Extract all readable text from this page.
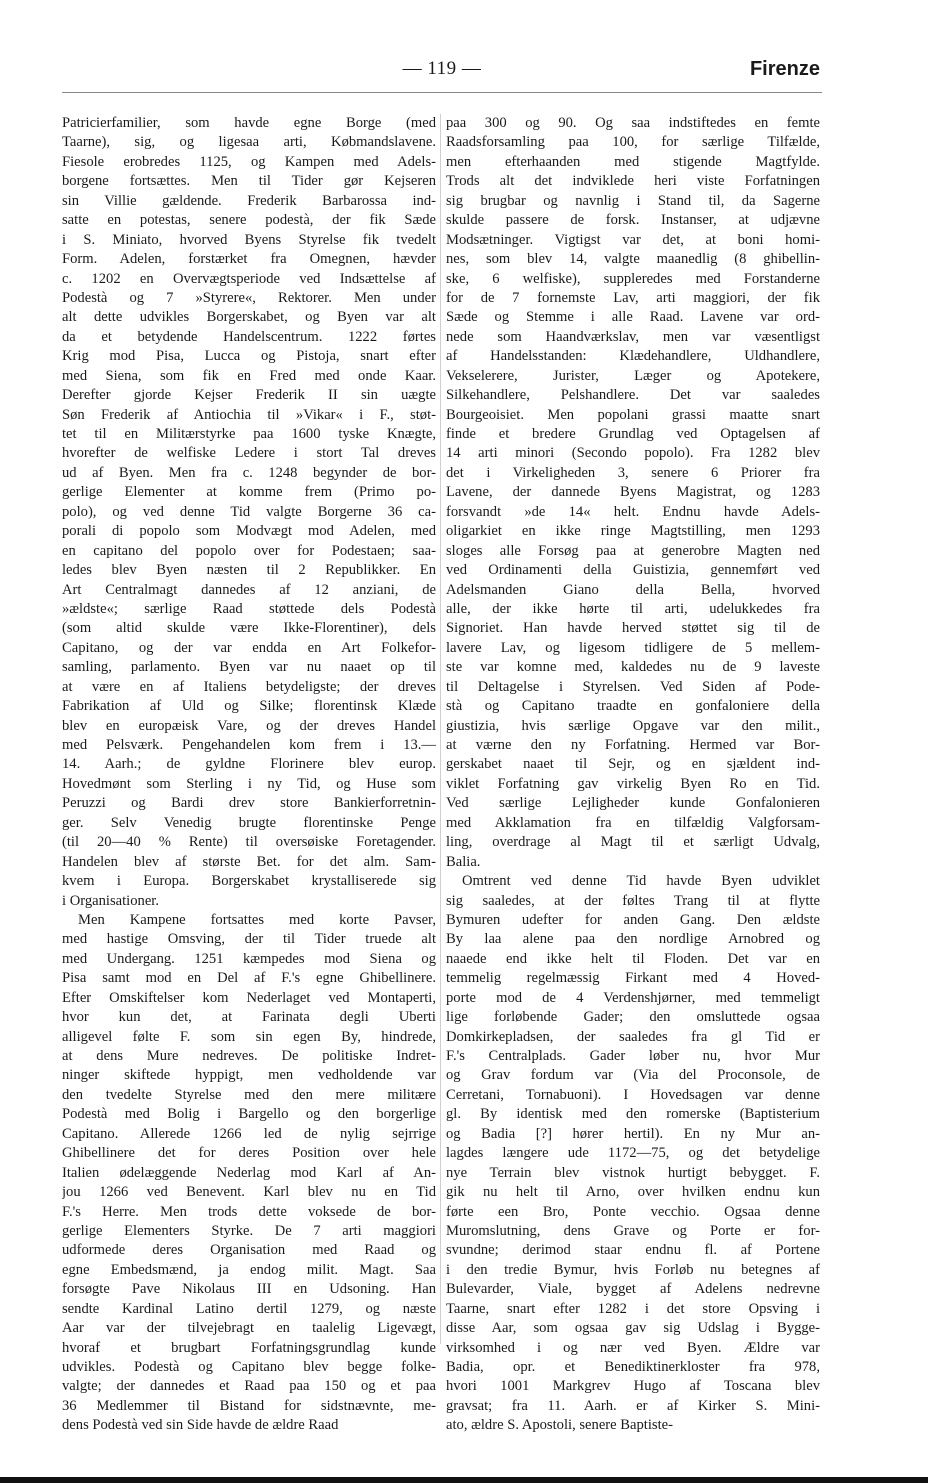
— 119 —	Firenze
Patricierfamilier, som havde egne Borge (med
Taarne), sig, og ligesaa arti, Købmandslavene.
Fiesole erobredes 1125, og Kampen med Adels-
borgene fortsættes. Men til Tider gør Kejseren
sin Villie gældende. Frederik Barbarossa ind-
satte en potestas, senere podestà, der fik Sæde
i S. Miniato, hvorved Byens Styrelse fik tvedelt
Form. Adelen, forstærket fra Omegnen, hævder
c. 1202 en Overvægtsperiode ved Indsættelse af
Podestà og 7 »Styrere«, Rektorer. Men under
alt dette udvikles Borgerskabet, og Byen var alt
da et betydende Handelscentrum. 1222 førtes
Krig mod Pisa, Lucca og Pistoja, snart efter
med Siena, som fik en Fred med onde Kaar.
Derefter gjorde Kejser Frederik II sin uægte
Søn Frederik af Antiochia til »Vikar« i F., støt-
tet til en Militærstyrke paa 1600 tyske Knægte,
hvorefter de welfiske Ledere i stort Tal dreves
ud af Byen. Men fra c. 1248 begynder de bor-
gerlige Elementer at komme frem (Primo po-
polo), og ved denne Tid valgte Borgerne 36 ca-
porali di popolo som Modvægt mod Adelen, med
en capitano del popolo over for Podestaen; saa-
ledes blev Byen næsten til 2 Republikker. En
Art Centralmagt dannedes af 12 anziani, de
»ældste«; særlige Raad støttede dels Podestà
(som altid skulde være Ikke-Florentiner), dels
Capitano, og der var endda en Art Folkefor-
samling, parlamento. Byen var nu naaet op til
at være en af Italiens betydeligste; der dreves
Fabrikation af Uld og Silke; florentinsk Klæde
blev en europæisk Vare, og der dreves Handel
med Pelsværk. Pengehandelen kom frem i 13.—
14. Aarh.; de gyldne Florinere blev europ.
Hovedmønt som Sterling i ny Tid, og Huse som
Peruzzi og Bardi drev store Bankierforretnin-
ger. Selv Venedig brugte florentinske Penge
(til 20—40 % Rente) til oversøiske Foretagender.
Handelen blev af største Bet. for det alm. Sam-
kvem i Europa. Borgerskabet krystalliserede sig
i Organisationer.
Men Kampene fortsattes med korte Pavser,
med hastige Omsving, der til Tider truede alt
med Undergang. 1251 kæmpedes mod Siena og
Pisa samt mod en Del af F.'s egne Ghibellinere.
Efter Omskiftelser kom Nederlaget ved Montaperti,
hvor kun det, at Farinata degli Uberti
alligevel følte F. som sin egen By, hindrede,
at dens Mure nedreves. De politiske Indret-
ninger skiftede hyppigt, men vedholdende var
den tvedelte Styrelse med den mere militære
Podestà med Bolig i Bargello og den borgerlige
Capitano. Allerede 1266 led de nylig sejrrige
Ghibellinere det for deres Position over hele
Italien ødelæggende Nederlag mod Karl af An-
jou 1266 ved Benevent. Karl blev nu en Tid
F.'s Herre. Men trods dette voksede de bor-
gerlige Elementers Styrke. De 7 arti maggiori
udformede deres Organisation med Raad og
egne Embedsmænd, ja endog milit. Magt. Saa
forsøgte Pave Nikolaus III en Udsoning. Han
sendte Kardinal Latino dertil 1279, og næste
Aar var der tilvejebragt en taalelig Ligevægt,
hvoraf et brugbart Forfatningsgrundlag kunde
udvikles. Podestà og Capitano blev begge folke-
valgte; der dannedes et Raad paa 150 og et paa
36 Medlemmer til Bistand for sidstnævnte, me-
dens Podestà ved sin Side havde de ældre Raad
paa 300 og 90. Og saa indstiftedes en femte
Raadsforsamling paa 100, for særlige Tilfælde,
men efterhaanden med stigende Magtfylde.
Trods alt det indviklede heri viste Forfatningen
sig brugbar og navnlig i Stand til, da Sagerne
skulde passere de forsk. Instanser, at udjævne
Modsætninger. Vigtigst var det, at boni homi-
nes, som blev 14, valgte maanedlig (8 ghibellin-
ske, 6 welfiske), suppleredes med Forstanderne
for de 7 fornemste Lav, arti maggiori, der fik
Sæde og Stemme i alle Raad. Lavene var ord-
nede som Haandværkslav, men var væsentligst
af Handelsstanden: Klædehandlere, Uldhandlere,
Vekselerere, Jurister, Læger og Apotekere,
Silkehandlere, Pelshandlere. Det var saaledes
Bourgeoisiet. Men popolani grassi maatte snart
finde et bredere Grundlag ved Optagelsen af
14 arti minori (Secondo popolo). Fra 1282 blev
det i Virkeligheden 3, senere 6 Priorer fra
Lavene, der dannede Byens Magistrat, og 1283
forsvandt »de 14« helt. Endnu havde Adels-
oligarkiet en ikke ringe Magtstilling, men 1293
sloges alle Forsøg paa at generobre Magten ned
ved Ordinamenti della Guistizia, gennemført ved
Adelsmanden Giano della Bella, hvorved
alle, der ikke hørte til arti, udelukkedes fra
Signoriet. Han havde herved støttet sig til de
lavere Lav, og ligesom tidligere de 5 mellem-
ste var komne med, kaldedes nu de 9 laveste
til Deltagelse i Styrelsen. Ved Siden af Pode-
stà og Capitano traadte en gonfaloniere della
giustizia, hvis særlige Opgave var den milit.,
at værne den ny Forfatning. Hermed var Bor-
gerskabet naaet til Sejr, og en sjældent ind-
viklet Forfatning gav virkelig Byen Ro en Tid.
Ved særlige Lejligheder kunde Gonfalonieren
med Akklamation fra en tilfældig Valgforsam-
ling, overdrage al Magt til et særligt Udvalg,
Balia.
Omtrent ved denne Tid havde Byen udviklet
sig saaledes, at der føltes Trang til at flytte
Bymuren udefter for anden Gang. Den ældste
By laa alene paa den nordlige Arnobred og
naaede end ikke helt til Floden. Det var en
temmelig regelmæssig Firkant med 4 Hoved-
porte mod de 4 Verdenshjørner, med temmeligt
lige forløbende Gader; den omsluttede ogsaa
Domkirkepladsen, der saaledes fra gl Tid er
F.'s Centralplads. Gader løber nu, hvor Mur
og Grav fordum var (Via del Proconsole, de
Cerretani, Tornabuoni). I Hovedsagen var denne
gl. By identisk med den romerske (Baptisterium
og Badia [?] hører hertil). En ny Mur an-
lagdes længere ude 1172—75, og det betydelige
nye Terrain blev vistnok hurtigt bebygget. F.
gik nu helt til Arno, over hvilken endnu kun
førte een Bro, Ponte vecchio. Ogsaa denne
Muromslutning, dens Grave og Porte er for-
svundne; derimod staar endnu fl. af Portene
i den tredie Bymur, hvis Forløb nu betegnes af
Bulevarder, Viale, bygget af Adelens nedrevne
Taarne, snart efter 1282 i det store Opsving i
disse Aar, som ogsaa gav sig Udslag i Bygge-
virksomhed i og nær ved Byen. Ældre var
Badia, opr. et Benediktinerkloster fra 978,
hvori 1001 Markgrev Hugo af Toscana blev
gravsat; fra 11. Aarh. er af Kirker S. Mini-
ato, ældre S. Apostoli, senere Baptiste-
